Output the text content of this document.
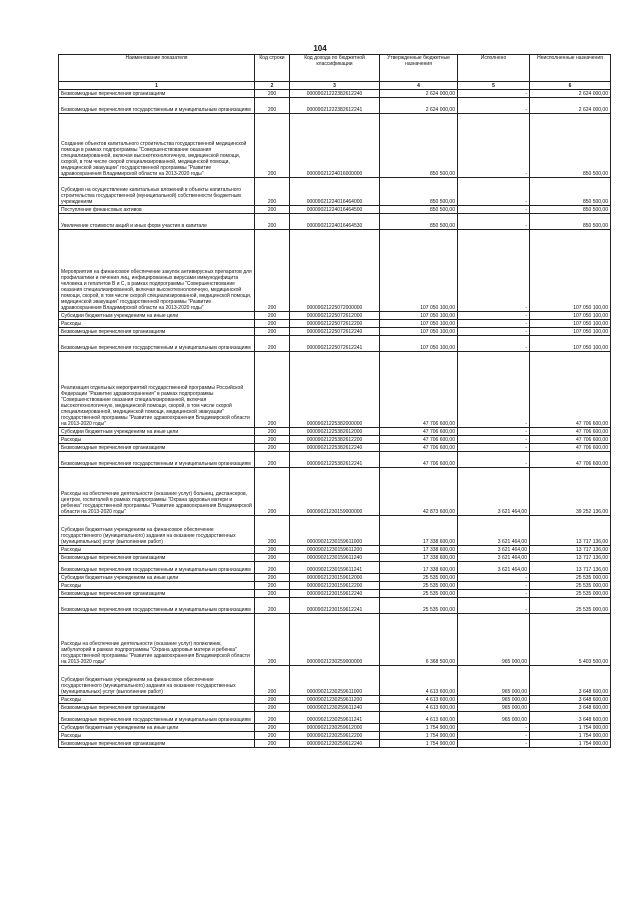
104
Наименование показателя	Код строки	Код дохода по бюджетной классификации	Утвержденные бюджетные назначения	Исполнено	Неисполненные назначения
1	2	3	4	5	6
Безвозмездные перечисления организациям	200	00009021222382612240	2 624 000,00	-	2 624 000,00
Безвозмездные перечисления государственным и муниципальным организациям	200	00009021222382612241	2 624 000,00	-	2 624 000,00
Создание объектов капитального строительства государственной медицинской помощи в рамках подпрограммы "Совершенствование оказания специализированной, включая высокотехнологичную, медицинской помощи, скорой, в том числе скорой специализированной, медицинской помощи, медицинской эвакуации" государственной программы "Развитие здравоохранения Владимирской области на 2013-2020 годы"	200	00009021224016000000	850 500,00	-	850 500,00
Субсидии на осуществление капитальных вложений в объекты капитального строительства государственной (муниципальной) собственности бюджетным учреждениям	200	00009021224016464000	850 500,00	-	850 500,00
Поступление финансовых активов	200	00009021224016464500	850 500,00	-	850 500,00
Увеличение стоимости акций и иных форм участия в капитале	200	00009021224016464530	850 500,00	-	850 500,00
Мероприятия на финансовое обеспечение закупок антивирусных препаратов для профилактики и лечения лиц, инфицированных вирусами иммунодефицита человека и гепатитов B и C, в рамках подпрограммы "Совершенствование оказания специализированной, включая высокотехнологичную, медицинской помощи, скорой, в том числе скорой специализированной, медицинской помощи, медицинской эвакуации" государственной программы "Развитие здравоохранения Владимирской области на 2013-2020 годы"	200	00009021225072000000	107 050 100,00	-	107 050 100,00
Субсидии бюджетным учреждениям на иные цели	200	00009021225072612000	107 050 100,00	-	107 050 100,00
Расходы	200	00009021225072612200	107 050 100,00	-	107 050 100,00
Безвозмездные перечисления организациям	200	00009021225072612240	107 050 100,00	-	107 050 100,00
Безвозмездные перечисления государственным и муниципальным организациям	200	00009021225072612241	107 050 100,00	-	107 050 100,00
Реализация отдельных мероприятий государственной программы Российской Федерации "Развитие здравоохранения" в рамках подпрограммы "Совершенствование оказания специализированной, включая высокотехнологичную, медицинской помощи, скорой, в том числе скорой специализированной, медицинской помощи, медицинской эвакуации" государственной программы "Развитие здравоохранения Владимирской области на 2013-2020 годы"	200	00009021225382000000	47 706 600,00	-	47 706 600,00
Субсидии бюджетным учреждениям на иные цели	200	00009021225382612000	47 706 600,00	-	47 706 600,00
Расходы	200	00009021225382612200	47 706 600,00	-	47 706 600,00
Безвозмездные перечисления организациям	200	00009021225382612240	47 706 600,00	-	47 706 600,00
Безвозмездные перечисления государственным и муниципальным организациям	200	00009021225382612241	47 706 600,00	-	47 706 600,00
Расходы на обеспечение деятельности (оказание услуг) больниц, диспансеров, центров, госпиталей в рамках подпрограммы "Охрана здоровья матери и ребенка" государственной программы "Развитие здравоохранения Владимирской области на 2013-2020 годы"	200	00009021230159000000	42 873 600,00	3 621 464,00	39 252 136,00
Субсидии бюджетным учреждениям на финансовое обеспечение государственного (муниципального) задания на оказание государственных (муниципальных) услуг (выполнение работ)	200	00009021230159611000	17 338 600,00	3 621 464,00	13 717 136,00
Расходы	200	00009021230159611200	17 338 600,00	3 621 464,00	13 717 136,00
Безвозмездные перечисления организациям	200	00009021230159611240	17 338 600,00	3 621 464,00	13 717 136,00
Безвозмездные перечисления государственным и муниципальным организациям	200	00009021230159611241	17 338 600,00	3 621 464,00	13 717 136,00
Субсидии бюджетным учреждениям на иные цели	200	00009021230159612000	25 535 000,00	-	25 535 000,00
Расходы	200	00009021230159612200	25 535 000,00	-	25 535 000,00
Безвозмездные перечисления организациям	200	00009021230159612240	25 535 000,00	-	25 535 000,00
Безвозмездные перечисления государственным и муниципальным организациям	200	00009021230159612241	25 535 000,00	-	25 535 000,00
Расходы на обеспечение деятельности (оказание услуг) поликлиник, амбулаторий в рамках подпрограммы "Охрана здоровья матери и ребенка" государственной программы "Развитие здравоохранения Владимирской области на 2013-2020 годы"	200	00009021230259000000	6 368 500,00	965 000,00	5 403 500,00
Субсидии бюджетным учреждениям на финансовое обеспечение государственного (муниципального) задания на оказание государственных (муниципальных) услуг (выполнение работ)	200	00009021230259611000	4 613 600,00	965 000,00	3 648 600,00
Расходы	200	00009021230259611200	4 613 600,00	965 000,00	3 648 600,00
Безвозмездные перечисления организациям	200	00009021230259611240	4 613 600,00	965 000,00	3 648 600,00
Безвозмездные перечисления государственным и муниципальным организациям	200	00009021230259611241	4 613 600,00	965 000,00	3 648 600,00
Субсидии бюджетным учреждениям на иные цели	200	00009021230259612000	1 754 900,00	-	1 754 900,00
Расходы	200	00009021230259612200	1 754 900,00	-	1 754 900,00
Безвозмездные перечисления организациям	200	00009021230259612240	1 754 900,00	-	1 754 900,00
